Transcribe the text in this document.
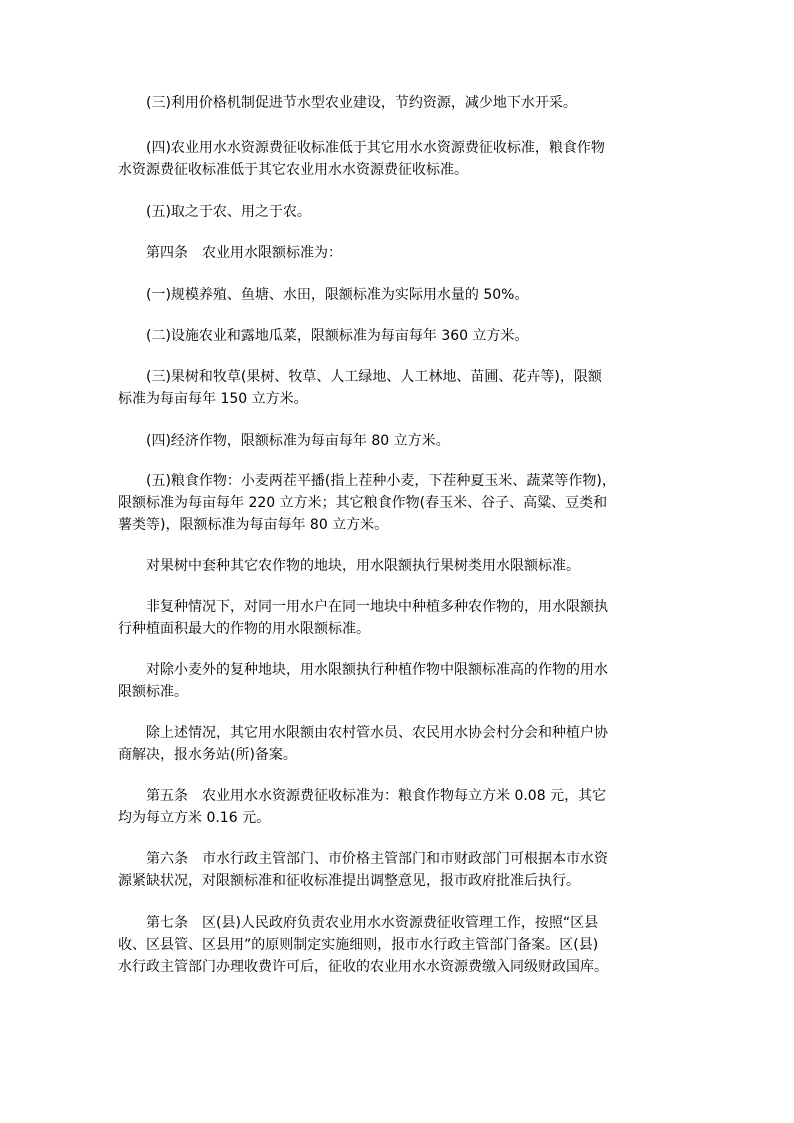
　　(三)利用价格机制促进节水型农业建设，节约资源，减少地下水开采。

　　(四)农业用水水资源费征收标准低于其它用水水资源费征收标准，粮食作物
水资源费征收标准低于其它农业用水水资源费征收标准。

　　(五)取之于农、用之于农。

　　第四条　农业用水限额标准为：

　　(一)规模养殖、鱼塘、水田，限额标准为实际用水量的 50%。

　　(二)设施农业和露地瓜菜，限额标准为每亩每年 360 立方米。

　　(三)果树和牧草(果树、牧草、人工绿地、人工林地、苗圃、花卉等)，限额
标准为每亩每年 150 立方米。

　　(四)经济作物，限额标准为每亩每年 80 立方米。

　　(五)粮食作物：小麦两茬平播(指上茬种小麦，下茬种夏玉米、蔬菜等作物)，
限额标准为每亩每年 220 立方米；其它粮食作物(春玉米、谷子、高粱、豆类和
薯类等)，限额标准为每亩每年 80 立方米。

　　对果树中套种其它农作物的地块，用水限额执行果树类用水限额标准。

　　非复种情况下，对同一用水户在同一地块中种植多种农作物的，用水限额执
行种植面积最大的作物的用水限额标准。

　　对除小麦外的复种地块，用水限额执行种植作物中限额标准高的作物的用水
限额标准。

　　除上述情况，其它用水限额由农村管水员、农民用水协会村分会和种植户协
商解决，报水务站(所)备案。

　　第五条　农业用水水资源费征收标准为：粮食作物每立方米 0.08 元，其它
均为每立方米 0.16 元。

　　第六条　市水行政主管部门、市价格主管部门和市财政部门可根据本市水资
源紧缺状况，对限额标准和征收标准提出调整意见，报市政府批准后执行。

　　第七条　区(县)人民政府负责农业用水水资源费征收管理工作，按照“区县
收、区县管、区县用”的原则制定实施细则，报市水行政主管部门备案。区(县)
水行政主管部门办理收费许可后，征收的农业用水水资源费缴入同级财政国库。
